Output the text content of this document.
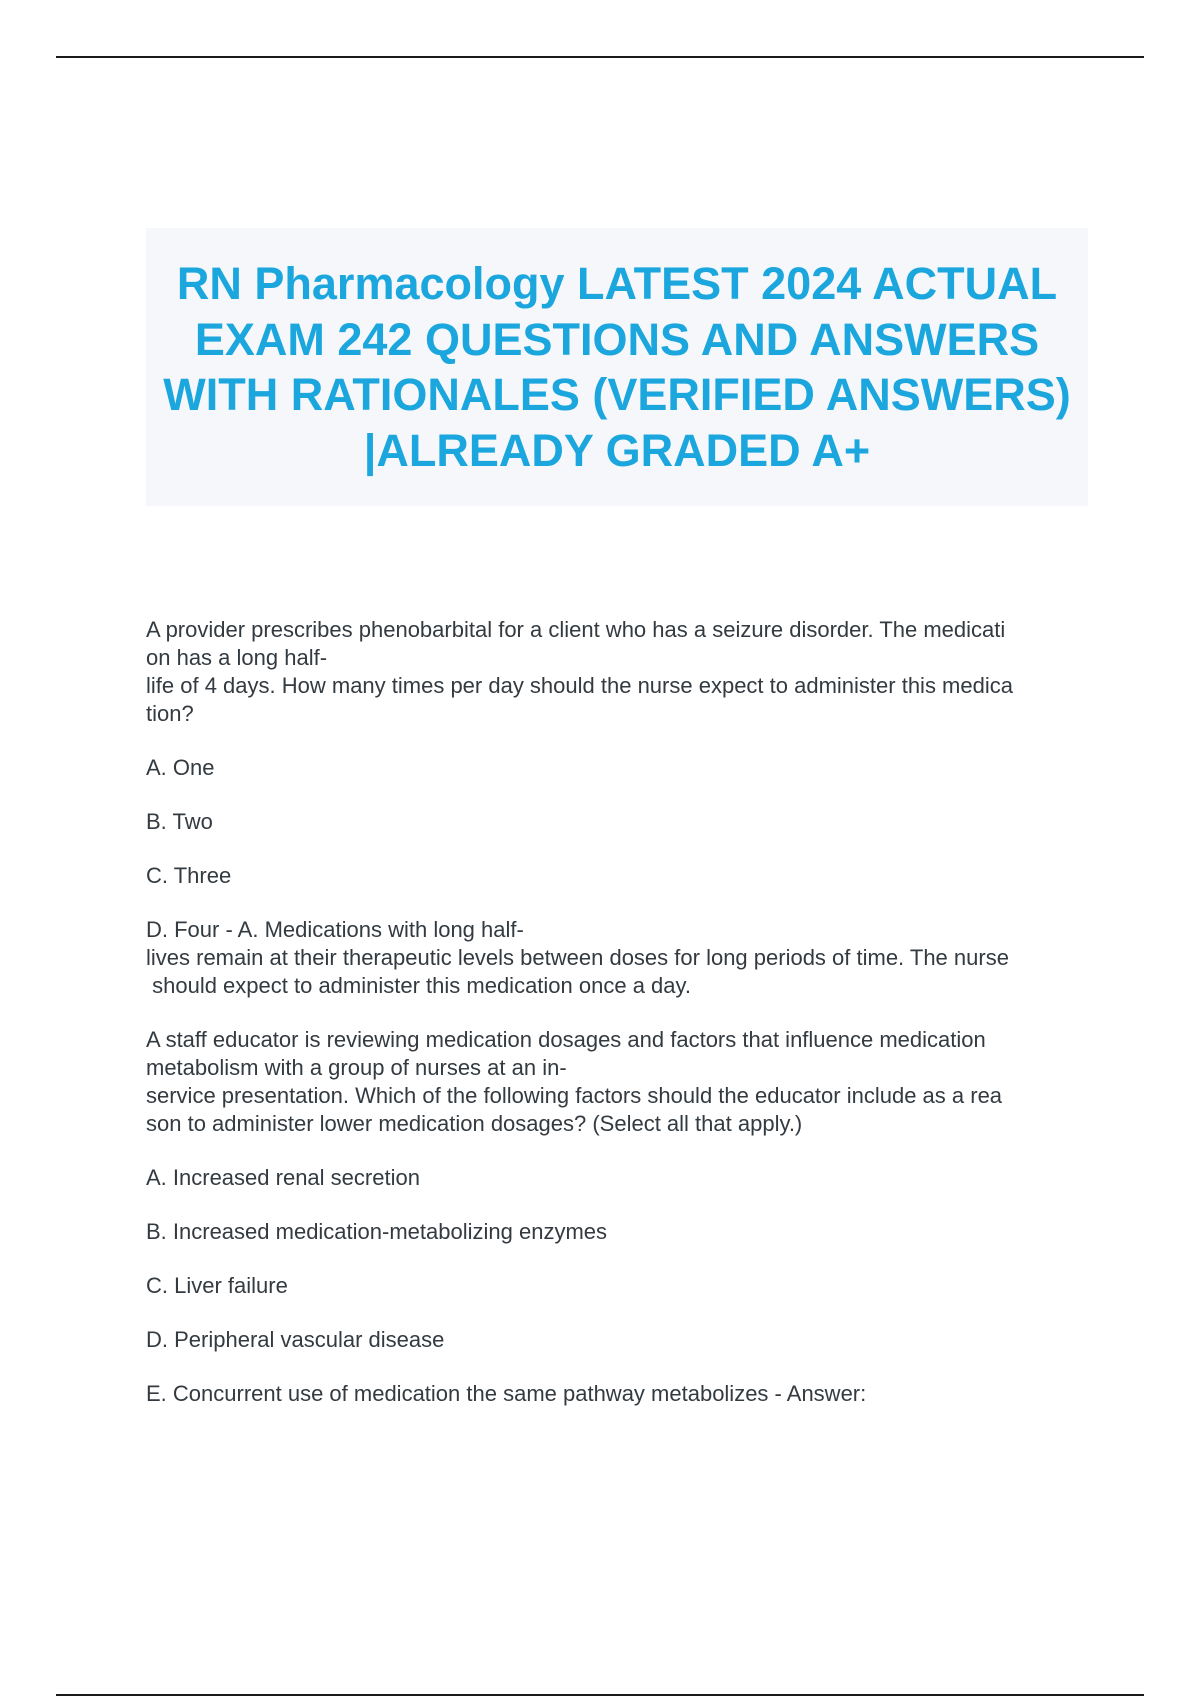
RN Pharmacology LATEST 2024 ACTUAL EXAM 242 QUESTIONS AND ANSWERS WITH RATIONALES (VERIFIED ANSWERS) |ALREADY GRADED A+
A provider prescribes phenobarbital for a client who has a seizure disorder. The medicati
on has a long half-
life of 4 days. How many times per day should the nurse expect to administer this medica
tion?
A. One
B. Two
C. Three
D. Four - A. Medications with long half-
lives remain at their therapeutic levels between doses for long periods of time. The nurse
should expect to administer this medication once a day.
A staff educator is reviewing medication dosages and factors that influence medication
metabolism with a group of nurses at an in-
service presentation. Which of the following factors should the educator include as a rea
son to administer lower medication dosages? (Select all that apply.)
A. Increased renal secretion
B. Increased medication-metabolizing enzymes
C. Liver failure
D. Peripheral vascular disease
E. Concurrent use of medication the same pathway metabolizes - Answer:
